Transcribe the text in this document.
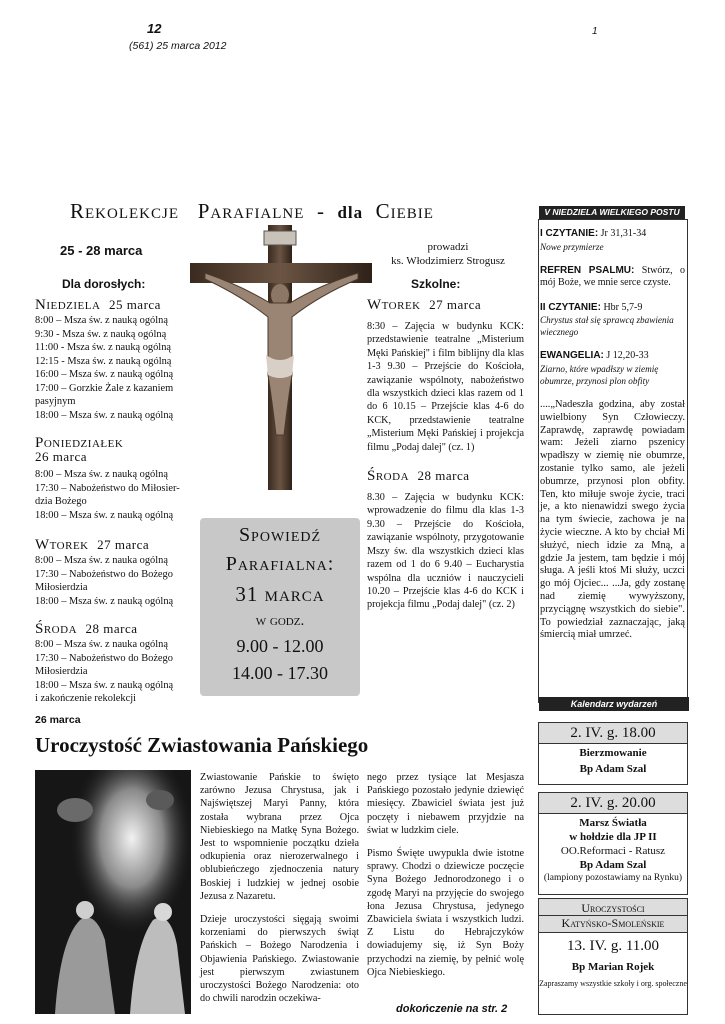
12
(561) 25 marca 2012
1
Rekolekcje Parafialne - dla Ciebie
25 - 28 marca	prowadzi
ks. Włodzimierz Strogusz
Dla dorosłych:	Szkolne:
Niedziela 25 marca
8:00 – Msza św. z nauką ogólną
9:30 - Msza św. z nauką ogólną
11:00 - Msza św. z nauką ogólną
12:15 - Msza św. z nauką ogólną
16:00 – Msza św. z nauką ogólną
17:00 – Gorzkie Żale z kazaniem
pasyjnym
18:00 – Msza św. z nauką ogólną
Poniedziałek
26 marca
8:00 – Msza św. z nauką ogólną
17:30 – Nabożeństwo do Miłosier-
dzia Bożego
18:00 – Msza św. z nauką ogólną
Wtorek 27 marca
8:00 – Msza św. z nauka ogólną
17:30 – Nabożeństwo do Bożego
Miłosierdzia
18:00 – Msza św. z nauką ogólną
Środa 28 marca
8:00 – Msza św. z nauka ogólną
17:30 – Nabożeństwo do Bożego
Miłosierdzia
18:00 – Msza św. z nauką ogólną
i zakończenie rekolekcji
Wtorek 27 marca
8:30 – Zajęcia w budynku KCK: przedstawienie teatralne „Misterium Męki Pańskiej" i film biblijny dla klas 1-3 9.30 – Przejście do Kościoła, zawiązanie wspólnoty, nabożeństwo dla wszystkich dzieci klas razem od 1 do 6 10.15 – Przejście klas 4-6 do KCK, przedstawienie teatralne „Misterium Męki Pańskiej i projekcja filmu „Podaj dalej" (cz. 1)
Środa 28 marca
8.30 – Zajęcia w budynku KCK: wprowadzenie do filmu dla klas 1-3 9.30 – Przejście do Kościoła, zawiązanie wspólnoty, przygotowanie Mszy św. dla wszystkich dzieci klas razem od 1 do 6 9.40 – Eucharystia wspólna dla uczniów i nauczycieli 10.20 – Przejście klas 4-6 do KCK i projekcja filmu „Podaj dalej" (cz. 2)
Spowiedź
Parafialna:
31 marca
w godz.
9.00 - 12.00
14.00 - 17.30
V NIEDZIELA WIELKIEGO POSTU
I CZYTANIE: Jr 31,31-34
Nowe przymierze
REFREN PSALMU: Stwórz, o mój Boże, we mnie serce czyste.
II CZYTANIE: Hbr 5,7-9
Chrystus stał się sprawcą zbawienia wiecznego
EWANGELIA: J 12,20-33
Ziarno, które wpadłszy w ziemię obumrze, przynosi plon obfity
....„Nadeszła godzina, aby został uwielbiony Syn Człowieczy. Zaprawdę, zaprawdę powiadam wam: Jeżeli ziarno pszenicy wpadłszy w ziemię nie obumrze, zostanie tylko samo, ale jeżeli obumrze, przynosi plon obfity. Ten, kto miłuje swoje życie, traci je, a kto nienawidzi swego życia na tym świecie, zachowa je na życie wieczne. A kto by chciał Mi służyć, niech idzie za Mną, a gdzie Ja jestem, tam będzie i mój sługa. A jeśli ktoś Mi służy, uczci go mój Ojciec... ...Ja, gdy zostanę nad ziemię wywyższony, przyciągnę wszystkich do siebie". To powiedział zaznaczając, jaką śmiercią miał umrzeć.
Kalendarz wydarzeń
2. IV. g. 18.00
Bierzmowanie
Bp Adam Szal
2. IV. g. 20.00
Marsz Światła
w hołdzie dla JP II
OO.Reformaci - Ratusz
Bp Adam Szal
(lampiony pozostawiamy na Rynku)
Uroczystości
Katyńsko-Smoleńskie
13. IV. g. 11.00
Bp Marian Rojek
Zapraszamy wszystkie szkoły i org. społeczne
26 marca
Uroczystość Zwiastowania Pańskiego

Zwiastowanie Pańskie to święto zarówno Jezusa Chrystusa, jak i Najświętszej Maryi Panny, która została wybrana przez Ojca Niebieskiego na Matkę Syna Bożego. Jest to wspomnienie początku dzieła odkupienia oraz nierozerwalnego i oblubieńczego zjednoczenia natury Boskiej i ludzkiej w jednej osobie Jezusa z Nazaretu.

Dzieje uroczystości sięgają swoimi korzeniami do pierwszych świąt Pańskich – Bożego Narodzenia i Objawienia Pańskiego. Zwiastowanie jest pierwszym zwiastunem uroczystości Bożego Narodzenia: oto do chwili narodzin oczekiwa-

nego przez tysiące lat Mesjasza Pańskiego pozostało jedynie dziewięć miesięcy. Zbawiciel świata jest już poczęty i niebawem przyjdzie na świat w ludzkim ciele.

Pismo Święte uwypukla dwie istotne sprawy. Chodzi o dziewicze poczęcie Syna Bożego Jednorodzonego i o zgodę Maryi na przyjęcie do swojego łona Jezusa Chrystusa, jedynego Zbawiciela świata i wszystkich ludzi. Z Listu do Hebrajczyków dowiadujemy się, iż Syn Boży przychodzi na ziemię, by pełnić wolę Ojca Niebieskiego.

dokończenie na str. 2
